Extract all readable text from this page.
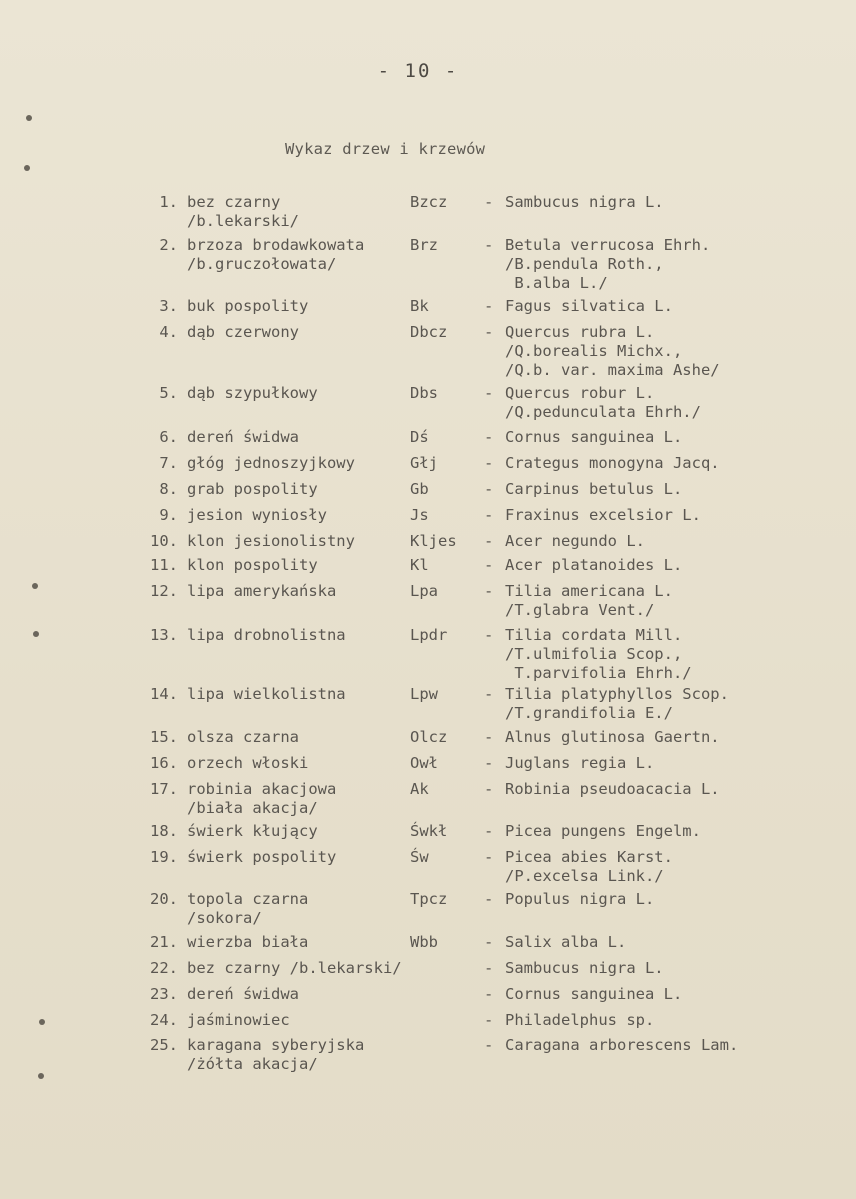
- 10 -
Wykaz drzew i krzewów
1. bez czarny
/b.lekarski/
Bzcz - Sambucus nigra L.
2. brzoza brodawkowata
/b.gruczołowata/
Brz	- Betula verrucosa Ehrh.
/B.pendula Roth.,
B.alba L./
3. buk pospolity	Bk	- Fagus silvatica L.
4. dąb czerwony	Dbcz - Quercus rubra L.
/Q.borealis Michx.,
/Q.b. var. maxima Ashe/
5. dąb szypułkowy	Dbs	- Quercus robur L.
/Q.pedunculata Ehrh./
6. dereń świdwa	Dś	- Cornus sanguinea L.
7. głóg jednoszyjkowy	Głj	- Crategus monogyna Jacq.
8. grab pospolity	Gb	- Carpinus betulus L.
9. jesion wyniosły	Js	- Fraxinus excelsior L.
10. klon jesionolistny	Kljes - Acer negundo L.
11. klon pospolity	Kl	- Acer platanoides L.
12. lipa amerykańska	Lpa	- Tilia americana L.
/T.glabra Vent./
13. lipa drobnolistna	Lpdr - Tilia cordata Mill.
/T.ulmifolia Scop.,
T.parvifolia Ehrh./
14. lipa wielkolistna	Lpw	- Tilia platyphyllos Scop.
/T.grandifolia E./
15. olsza czarna	Olcz - Alnus glutinosa Gaertn.
16. orzech włoski	Owł	- Juglans regia L.
17. robinia akacjowa
/biała akacja/
Ak	- Robinia pseudoacacia L.
18. świerk kłujący	Śwkł - Picea pungens Engelm.
19. świerk pospolity	Św	- Picea abies Karst.
/P.excelsa Link./
20. topola czarna
/sokora/
Tpcz - Populus nigra L.
21. wierzba biała	Wbb	- Salix alba L.
22. bez czarny /b.lekarski/	- Sambucus nigra L.
23. dereń świdwa	- Cornus sanguinea L.
24. jaśminowiec	- Philadelphus sp.
25. karagana syberyjska
/żółta akacja/
- Caragana arborescens Lam.
